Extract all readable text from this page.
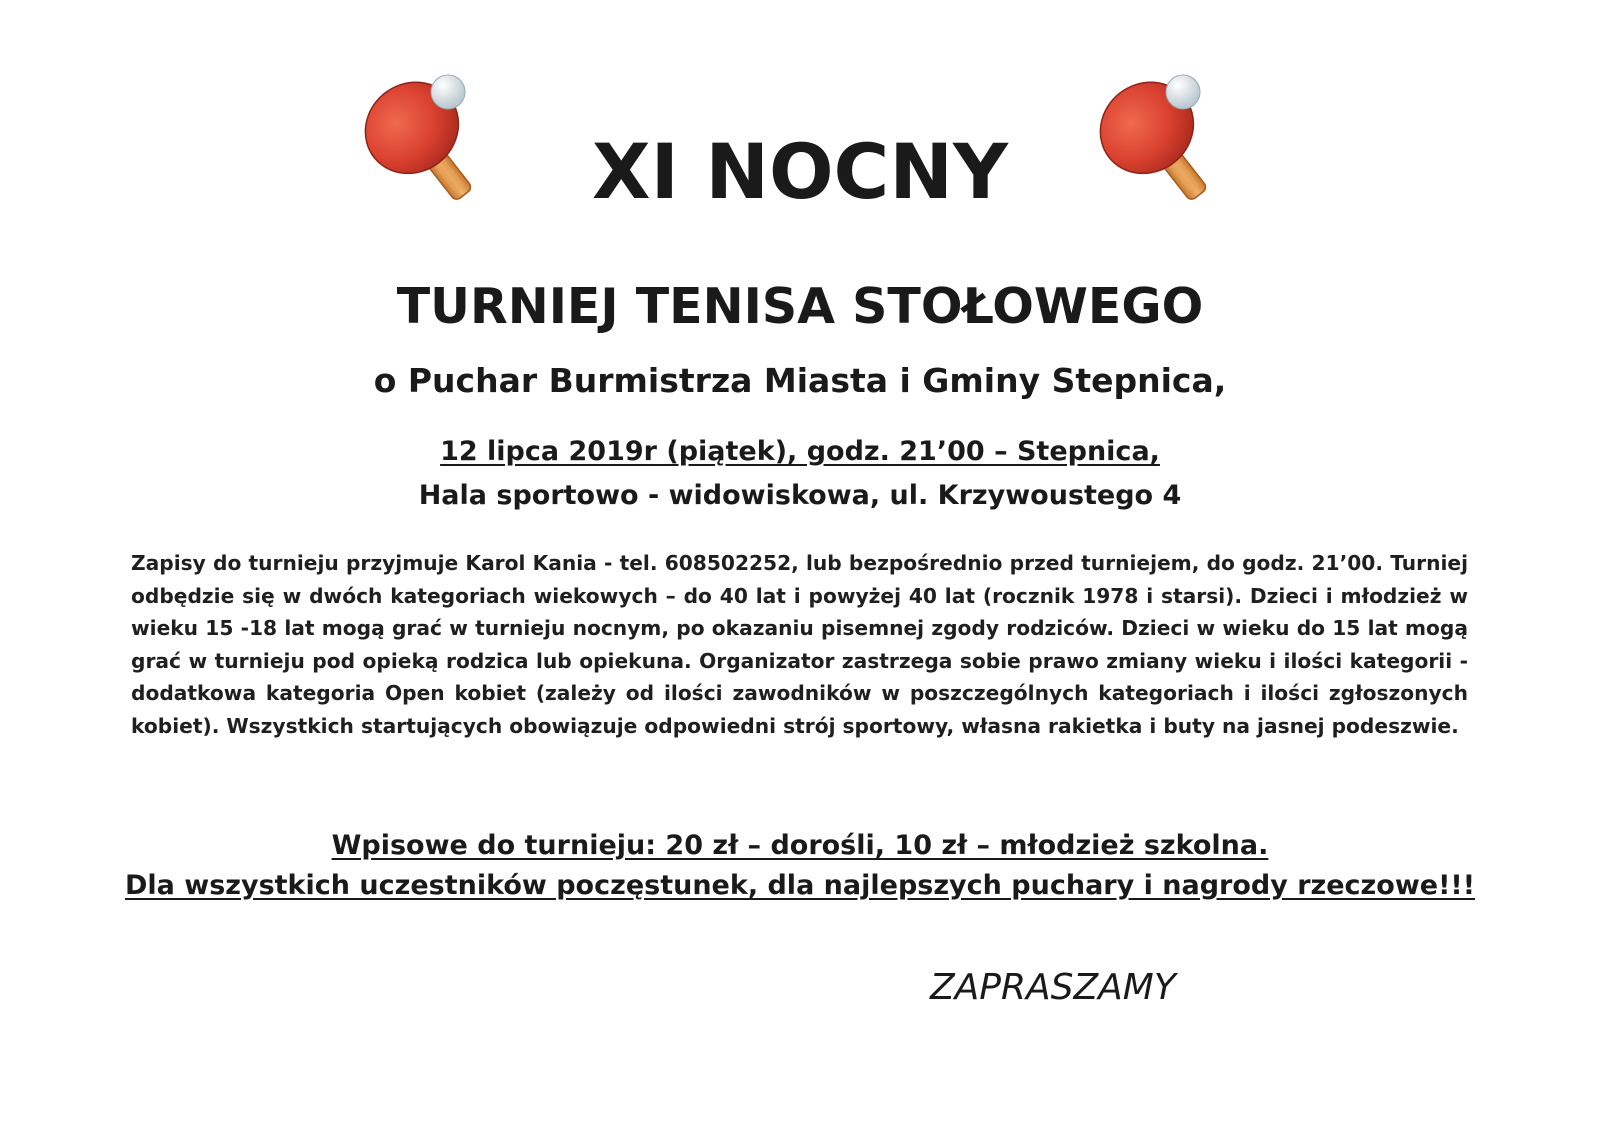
XI NOCNY
TURNIEJ TENISA STOŁOWEGO
o Puchar Burmistrza Miasta i Gminy Stepnica,
12 lipca 2019r (piątek), godz. 21’00 – Stepnica,
Hala sportowo - widowiskowa, ul. Krzywoustego 4

Zapisy do turnieju przyjmuje Karol Kania - tel. 608502252, lub bezpośrednio przed turniejem, do godz. 21’00. Turniej odbędzie się w dwóch kategoriach wiekowych – do 40 lat i powyżej 40 lat (rocznik 1978 i starsi). Dzieci i młodzież w wieku 15 -18 lat mogą grać w turnieju nocnym, po okazaniu pisemnej zgody rodziców. Dzieci w wieku do 15 lat mogą grać w turnieju pod opieką rodzica lub opiekuna. Organizator zastrzega sobie prawo zmiany wieku i ilości kategorii - dodatkowa kategoria Open kobiet (zależy od ilości zawodników w poszczególnych kategoriach i ilości zgłoszonych kobiet). Wszystkich startujących obowiązuje odpowiedni strój sportowy, własna rakietka i buty na jasnej podeszwie.

Wpisowe do turnieju: 20 zł – dorośli, 10 zł – młodzież szkolna.
Dla wszystkich uczestników poczęstunek, dla najlepszych puchary i nagrody rzeczowe!!!

ZAPRASZAMY
